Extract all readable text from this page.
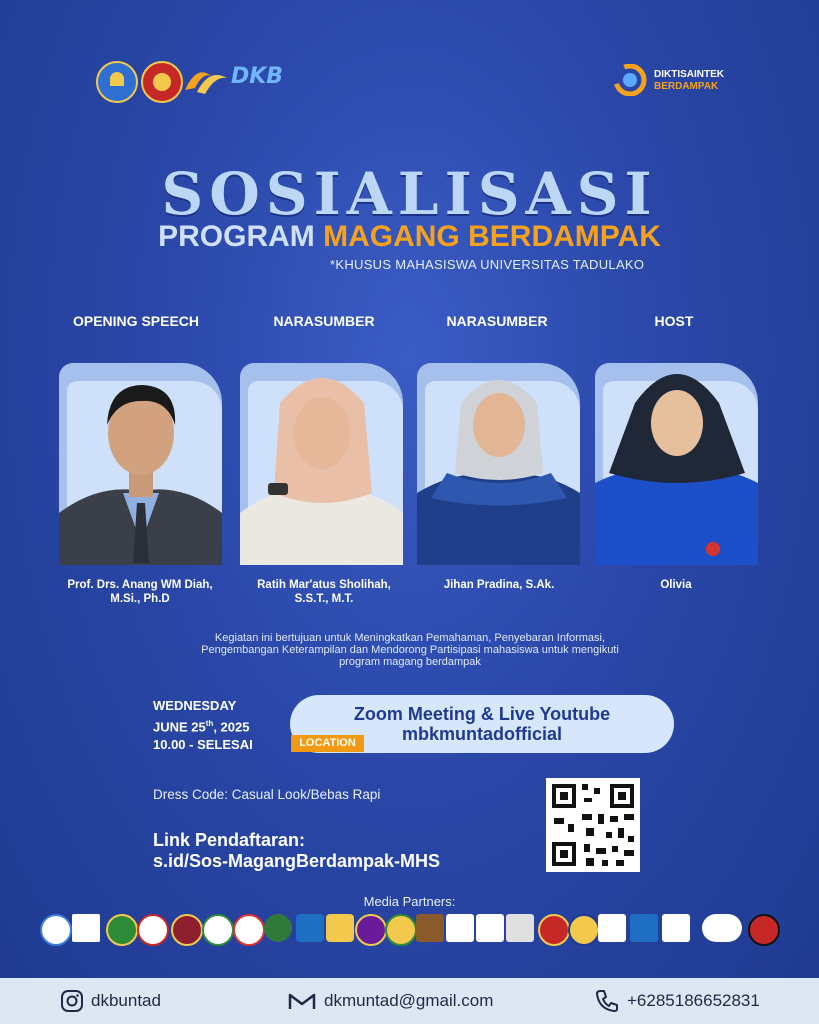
DKB	DIKTISAINTEK
BERDAMPAK
SOSIALISASI
PROGRAM MAGANG BERDAMPAK
*KHUSUS MAHASISWA UNIVERSITAS TADULAKO
OPENING SPEECH	NARASUMBER	NARASUMBER	HOST
Prof. Drs. Anang WM Diah,
M.Si., Ph.D
Ratih Mar'atus Sholihah,
S.S.T., M.T.
Jihan Pradina, S.Ak.	Olivia
Kegiatan ini bertujuan untuk Meningkatkan Pemahaman, Penyebaran Informasi,
Pengembangan Keterampilan dan Mendorong Partisipasi mahasiswa untuk mengikuti
program magang berdampak
WEDNESDAY
JUNE 25th, 2025
10.00 - SELESAI
Zoom Meeting & Live Youtube
mbkmuntadofficial
LOCATION
Dress Code: Casual Look/Bebas Rapi
Link Pendaftaran:
s.id/Sos-MagangBerdampak-MHS
Media Partners:
dkbuntad	dkmuntad@gmail.com	+6285186652831
